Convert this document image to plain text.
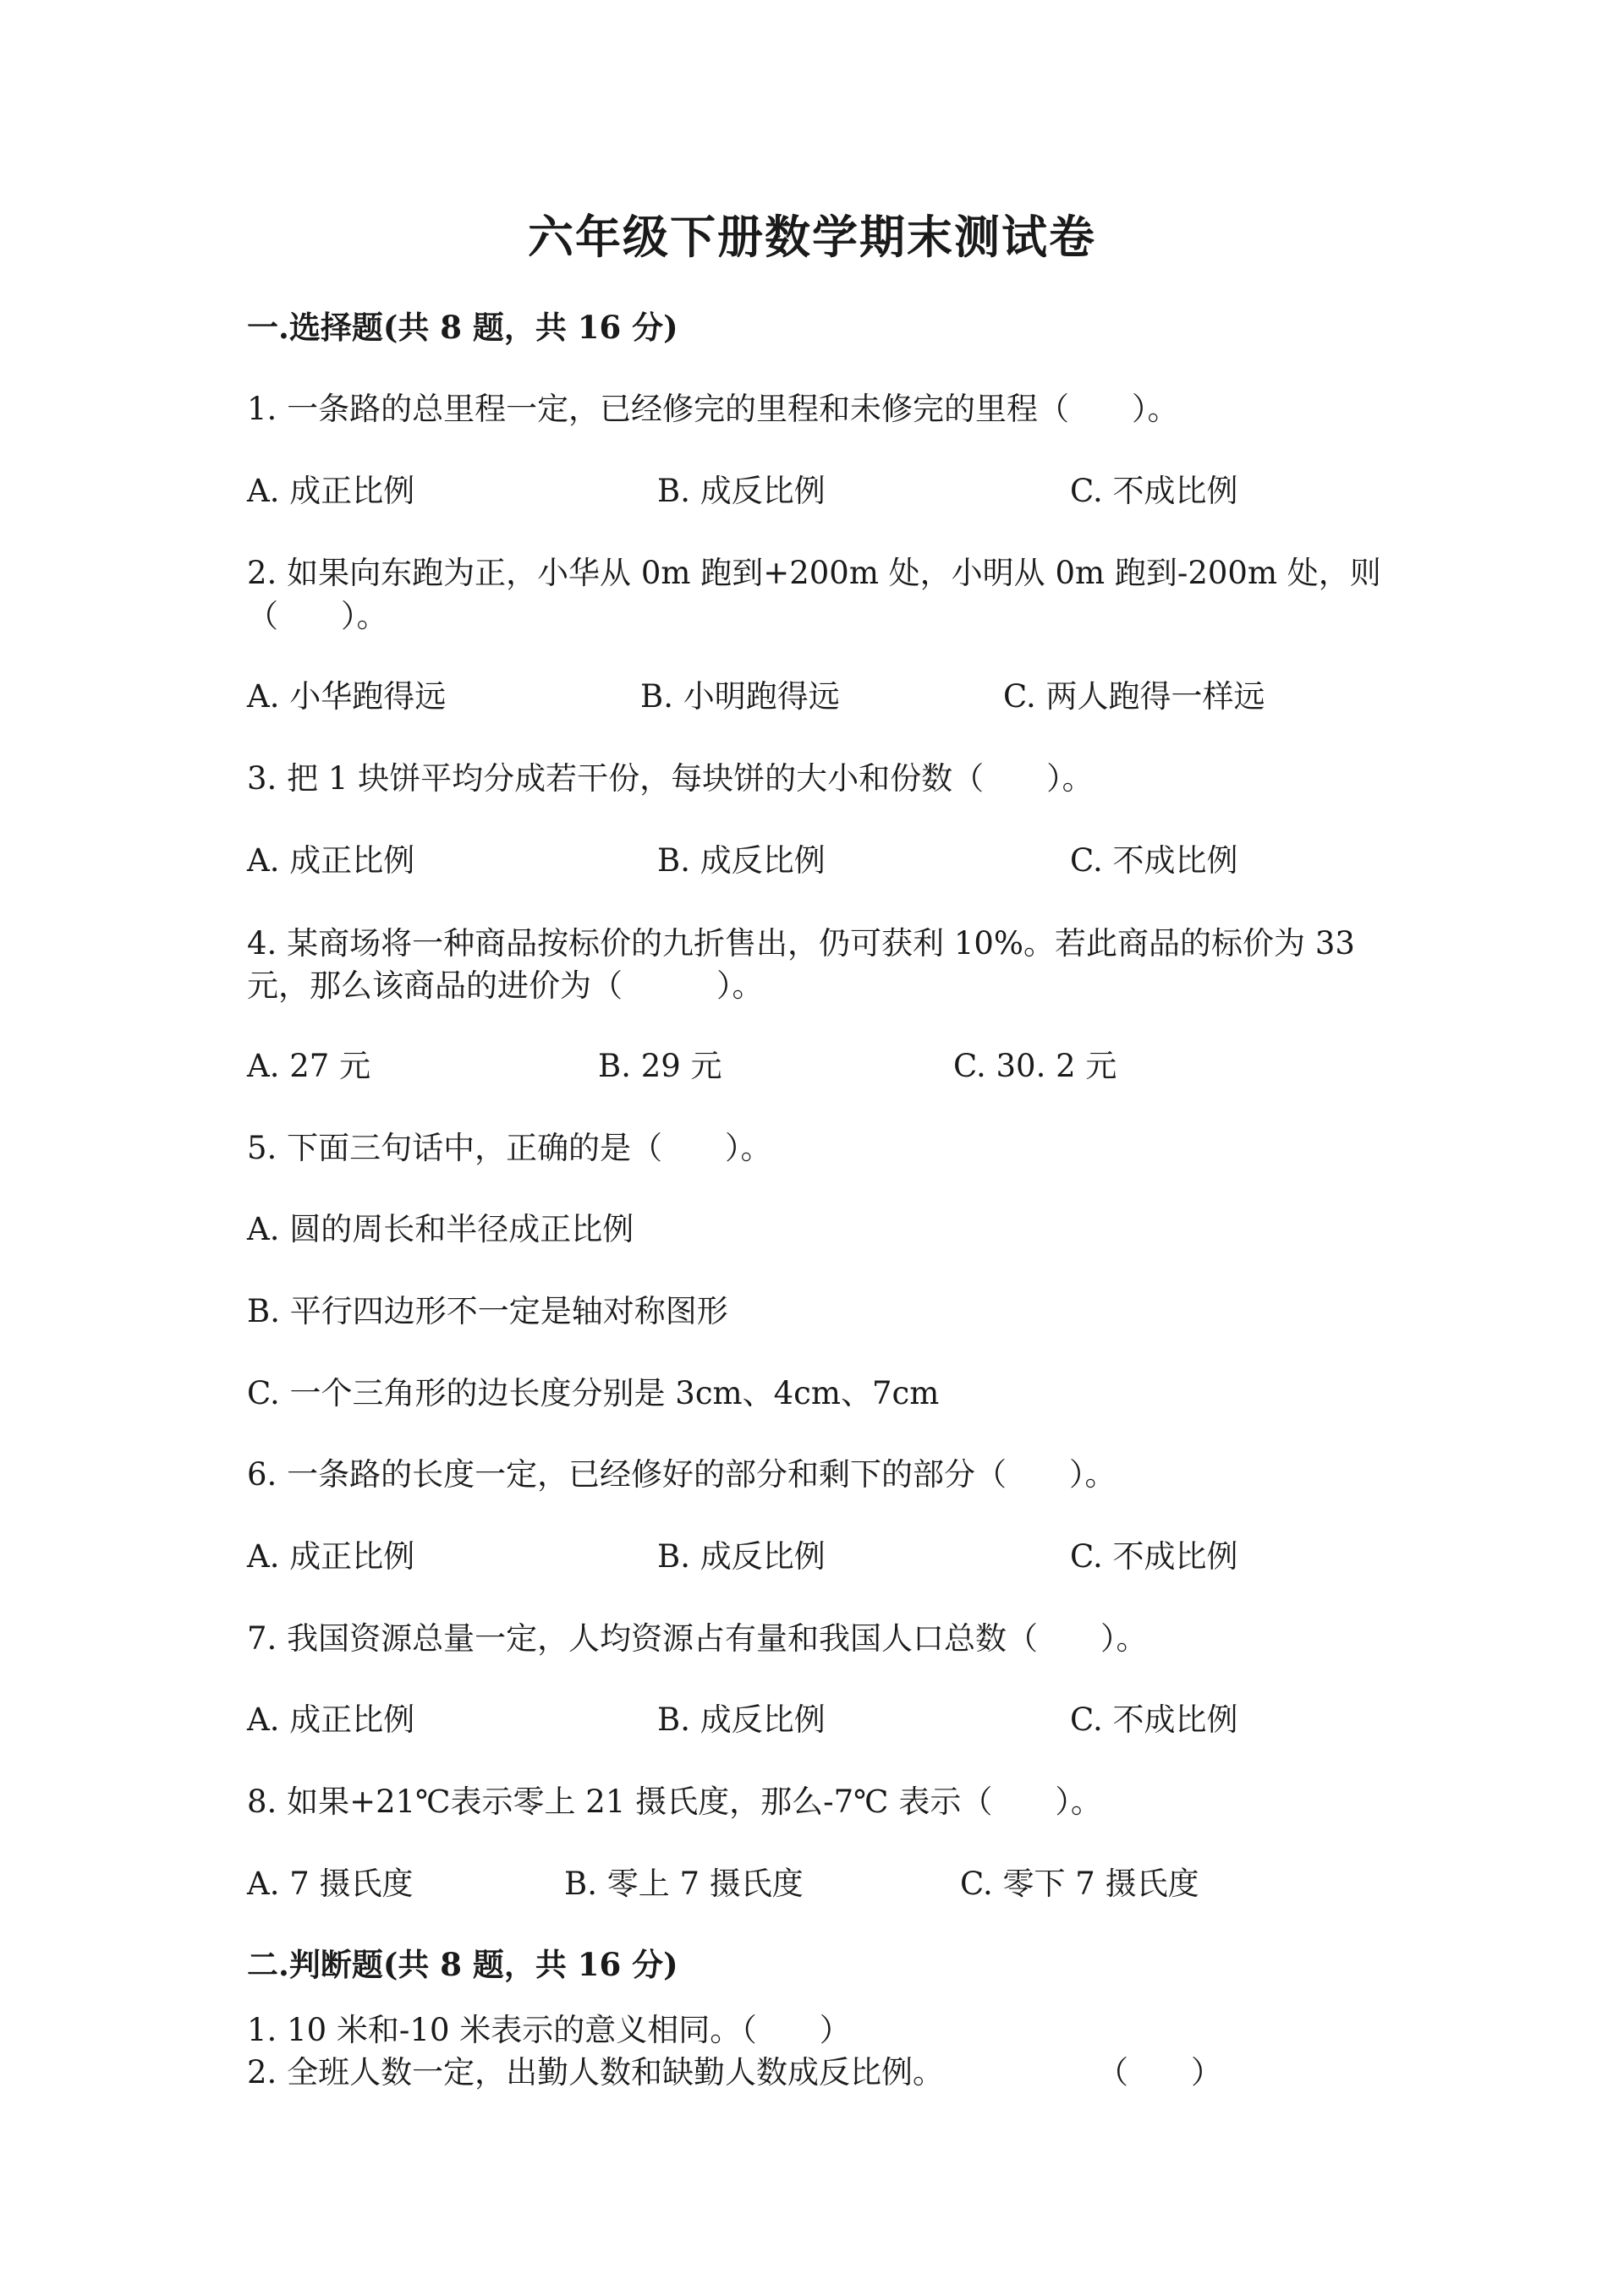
六年级下册数学期末测试卷
一.选择题(共 8 题，共 16 分)
1. 一条路的总里程一定，已经修完的里程和未修完的里程（　　）。
A. 成正比例	B. 成反比例	C. 不成比例
2. 如果向东跑为正，小华从 0m 跑到+200m 处，小明从 0m 跑到-200m 处，则
（　　）。
A. 小华跑得远	B. 小明跑得远	C. 两人跑得一样远
3. 把 1 块饼平均分成若干份，每块饼的大小和份数（　　）。
A. 成正比例	B. 成反比例	C. 不成比例
4. 某商场将一种商品按标价的九折售出，仍可获利 10%。若此商品的标价为 33
元，那么该商品的进价为（　　　）。
A. 27 元	B. 29 元	C. 30. 2 元
5. 下面三句话中，正确的是（　　）。
A. 圆的周长和半径成正比例
B. 平行四边形不一定是轴对称图形
C. 一个三角形的边长度分别是 3cm、4cm、7cm
6. 一条路的长度一定，已经修好的部分和剩下的部分（　　）。
A. 成正比例	B. 成反比例	C. 不成比例
7. 我国资源总量一定，人均资源占有量和我国人口总数（　　）。
A. 成正比例	B. 成反比例	C. 不成比例
8. 如果+21℃表示零上 21 摄氏度，那么-7℃ 表示（　　）。
A. 7 摄氏度	B. 零上 7 摄氏度	C. 零下 7 摄氏度
二.判断题(共 8 题，共 16 分)
1. 10 米和-10 米表示的意义相同。（　　）
2. 全班人数一定，出勤人数和缺勤人数成反比例。	（　　）
